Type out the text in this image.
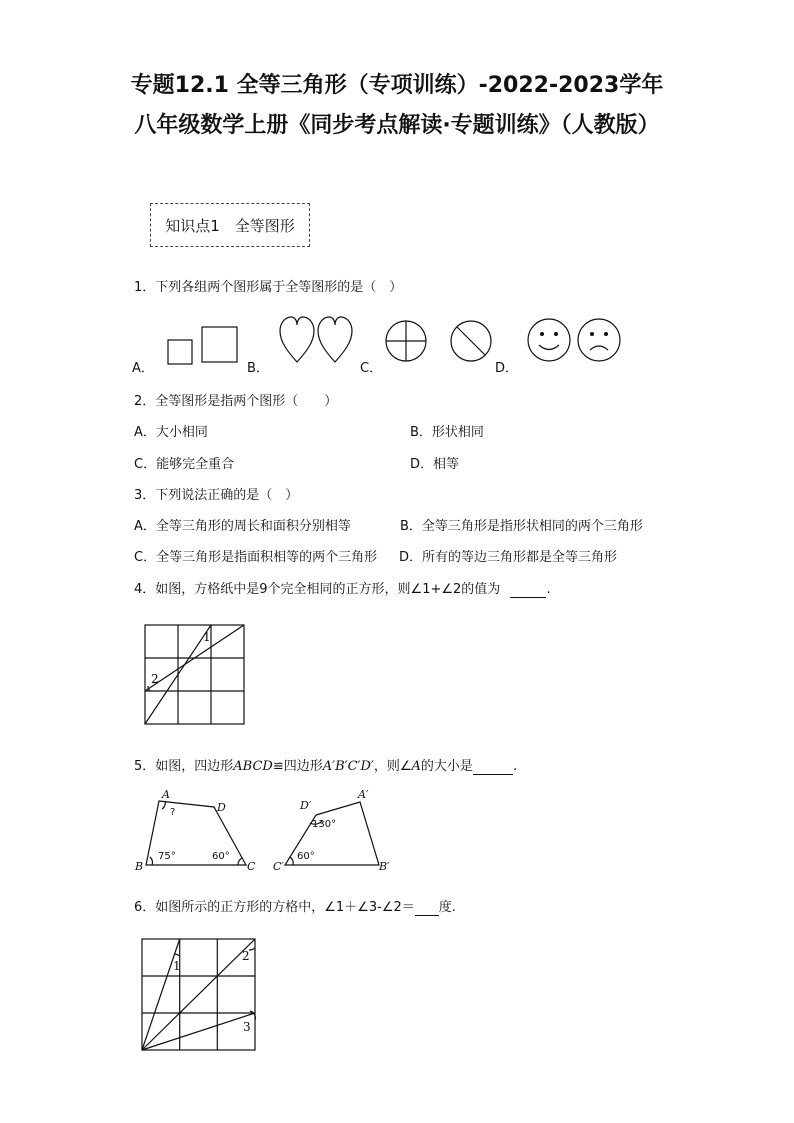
专题12.1 全等三角形（专项训练）-2022-2023学年八年级数学上册《同步考点解读·专题训练》（人教版）
知识点1　全等图形
1．下列各组两个图形属于全等图形的是（　）
A．	B．	C．	D．
2．全等图形是指两个图形（　　）
A．大小相同	B．形状相同
C．能够完全重合	D．相等
3．下列说法正确的是（　）
A．全等三角形的周长和面积分别相等	B．全等三角形是指形状相同的两个三角形
C．全等三角形是指面积相等的两个三角形 D．所有的等边三角形都是全等三角形
4．如图，方格纸中是9个完全相同的正方形，则∠1+∠2的值为	.
1
2
5．如图，四边形ABCD≌四边形A′B′C′D′，则∠A的大小是	.
A
D
B	C
D′
A′
C′	B′
?
75°	60°
130°
60°
6．如图所示的正方形的方格中，∠1＋∠3-∠2＝ 度.
1
2
3
